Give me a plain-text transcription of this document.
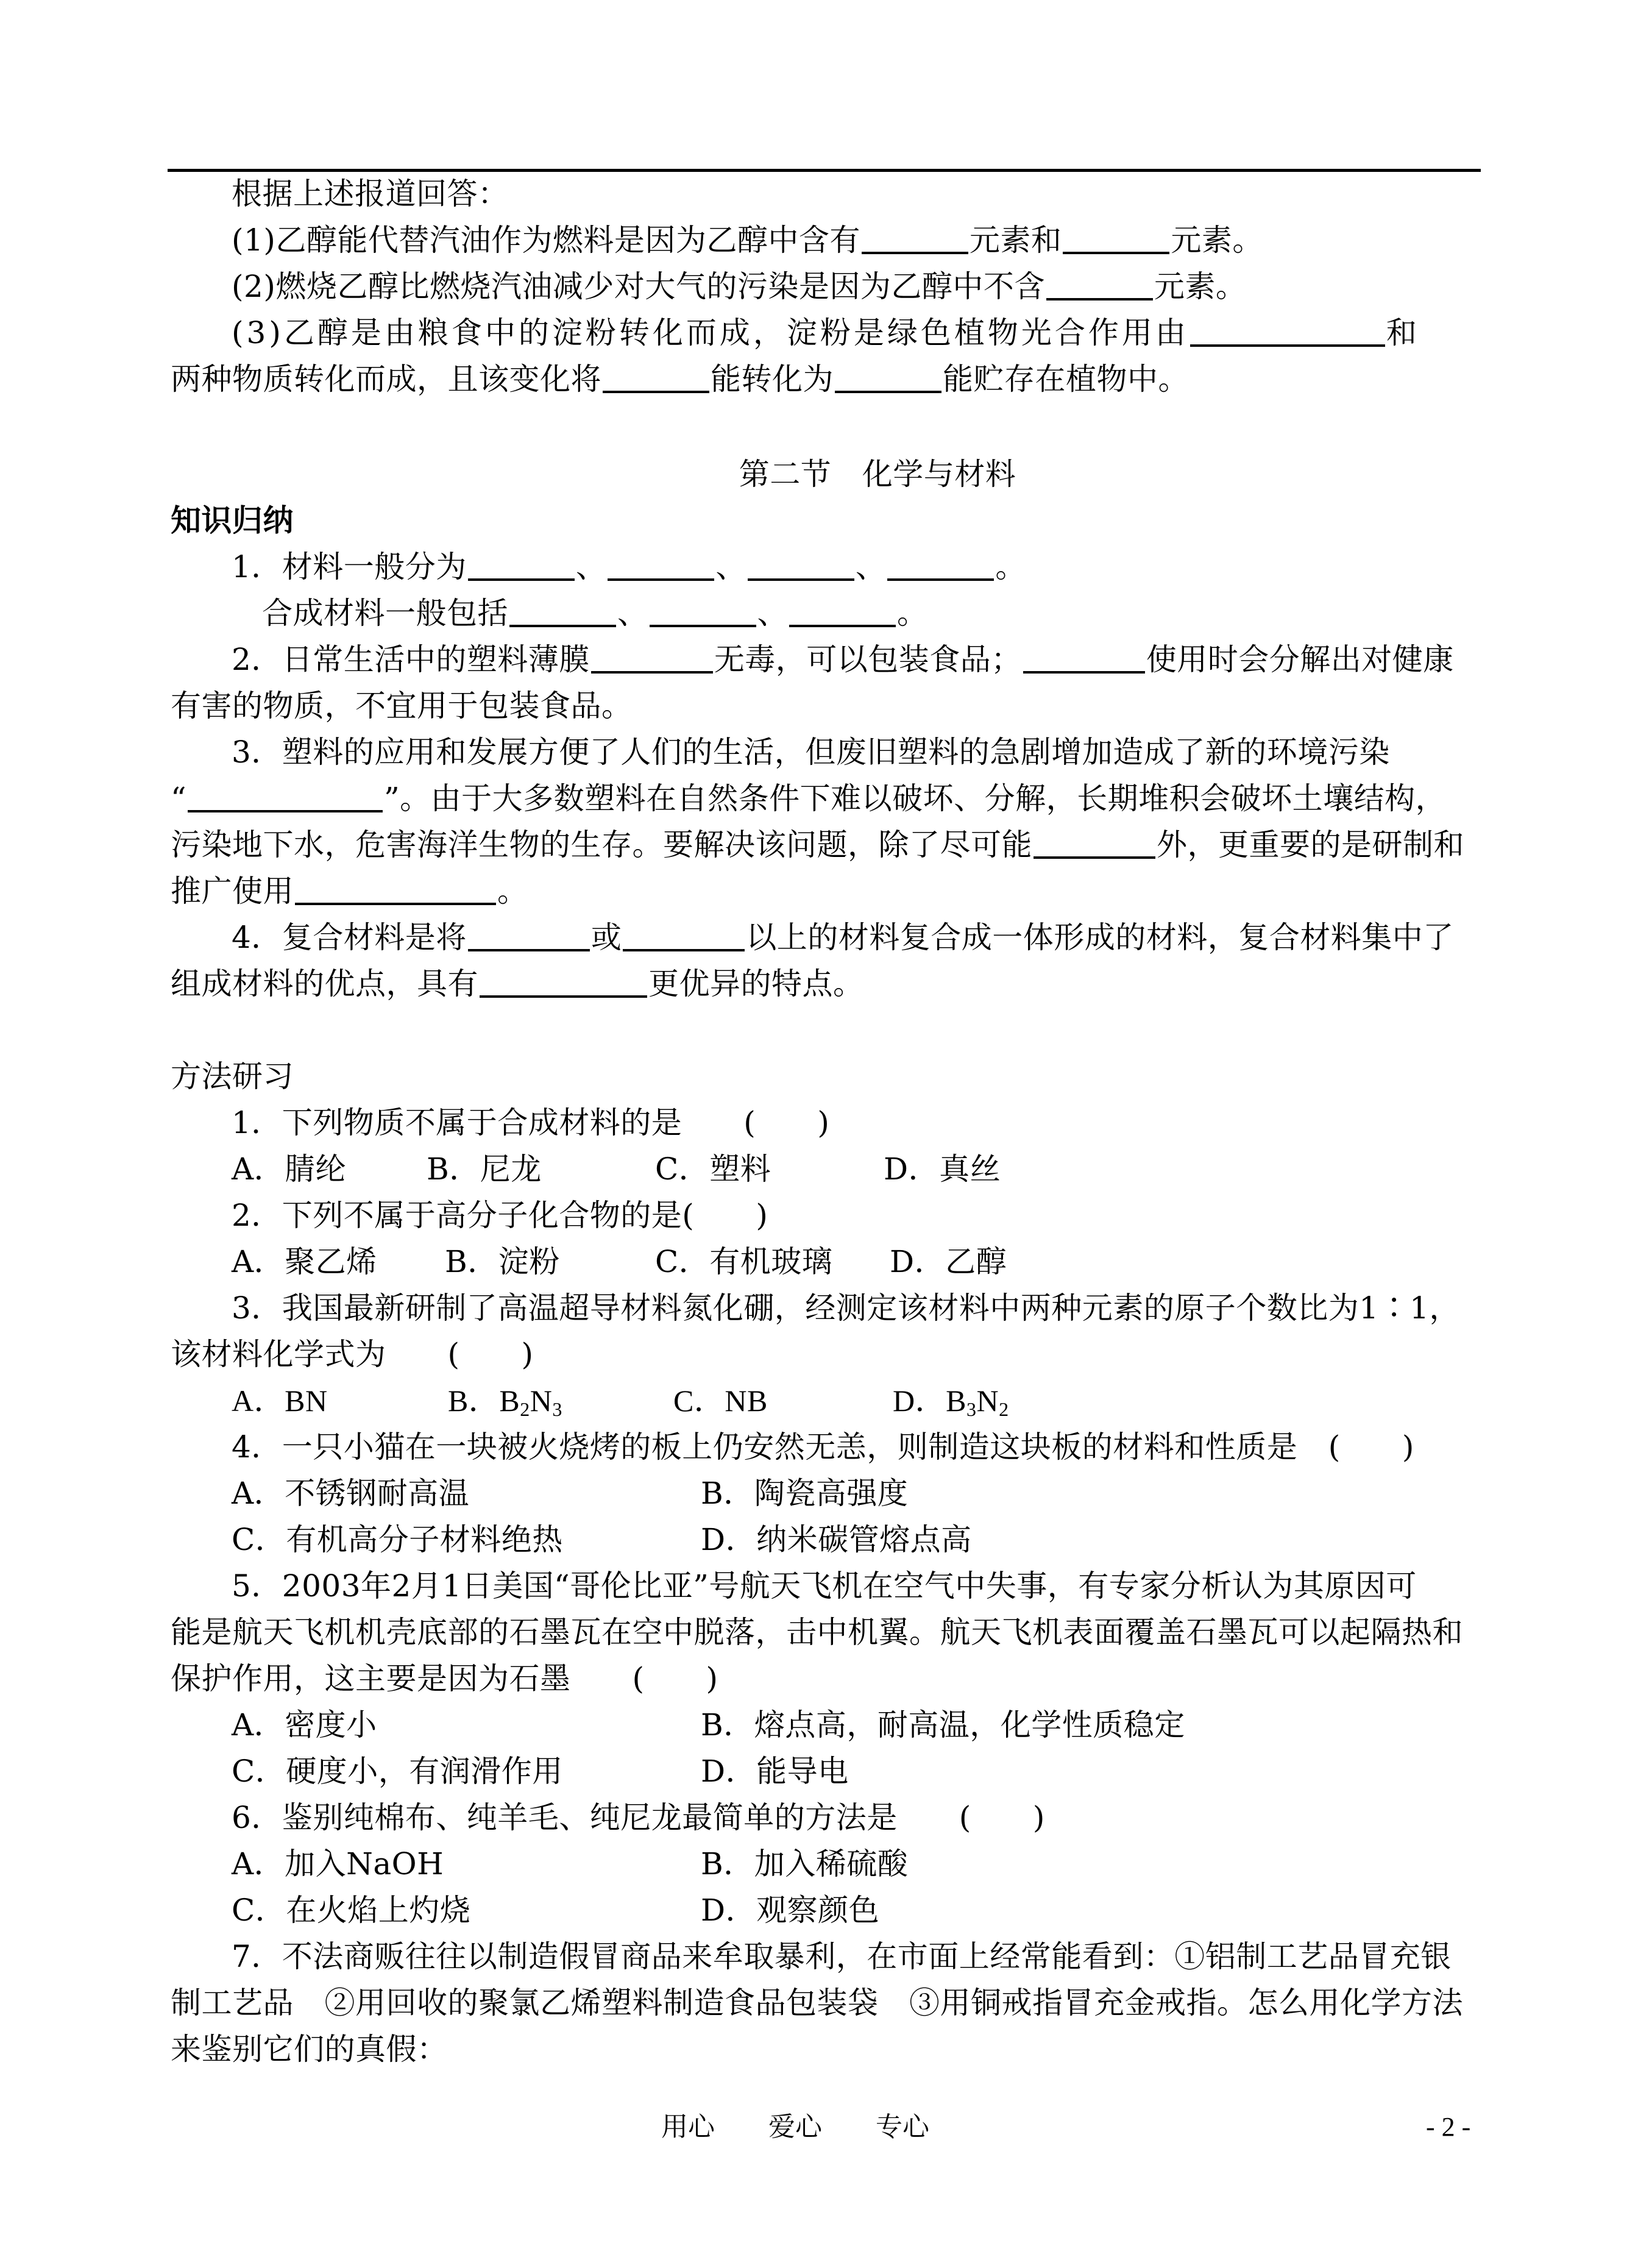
根据上述报道回答：
(1)乙醇能代替汽油作为燃料是因为乙醇中含有	元素和	元素。
(2)燃烧乙醇比燃烧汽油减少对大气的污染是因为乙醇中不含	元素。
(3)乙醇是由粮食中的淀粉转化而成，淀粉是绿色植物光合作用由	和
两种物质转化而成，且该变化将	能转化为	能贮存在植物中。
第二节　化学与材料
知识归纳
1．材料一般分为	、	、	、	。
合成材料一般包括	、	、	。
2．日常生活中的塑料薄膜	无毒，可以包装食品；	使用时会分解出对健康
有害的物质，不宜用于包装食品。
3．塑料的应用和发展方便了人们的生活，但废旧塑料的急剧增加造成了新的环境污染
“	”。由于大多数塑料在自然条件下难以破坏、分解，长期堆积会破坏土壤结构，
污染地下水，危害海洋生物的生存。要解决该问题，除了尽可能	外，更重要的是研制和
推广使用	。
4．复合材料是将	或	以上的材料复合成一体形成的材料，复合材料集中了
组成材料的优点，具有	更优异的特点。
方法研习
1．下列物质不属于合成材料的是　　(　　)
A．腈纶	B．尼龙	C．塑料	D．真丝
2．下列不属于高分子化合物的是(　　)
A．聚乙烯 B．淀粉	C．有机玻璃 D．乙醇
3．我国最新研制了高温超导材料氮化硼，经测定该材料中两种元素的原子个数比为1∶1，
该材料化学式为　　(　　)
A．BN	B．$B_2N_3$	C．NB	D．$B_3N_2$
4．一只小猫在一块被火烧烤的板上仍安然无恙，则制造这块板的材料和性质是　(　　)
A．不锈钢耐高温	B．陶瓷高强度
C．有机高分子材料绝热	D．纳米碳管熔点高
5．2003年2月1日美国“哥伦比亚”号航天飞机在空气中失事，有专家分析认为其原因可
能是航天飞机机壳底部的石墨瓦在空中脱落，击中机翼。航天飞机表面覆盖石墨瓦可以起隔热和
保护作用，这主要是因为石墨　　(　　)
A．密度小	B．熔点高，耐高温，化学性质稳定
C．硬度小，有润滑作用	D．能导电
6．鉴别纯棉布、纯羊毛、纯尼龙最简单的方法是　　(　　)
A．加入NaOH	B．加入稀硫酸
C．在火焰上灼烧	D．观察颜色
7．不法商贩往往以制造假冒商品来牟取暴利，在市面上经常能看到：①铝制工艺品冒充银
制工艺品　②用回收的聚氯乙烯塑料制造食品包装袋　③用铜戒指冒充金戒指。怎么用化学方法
来鉴别它们的真假：
用心 爱心 专心	- 2 -
